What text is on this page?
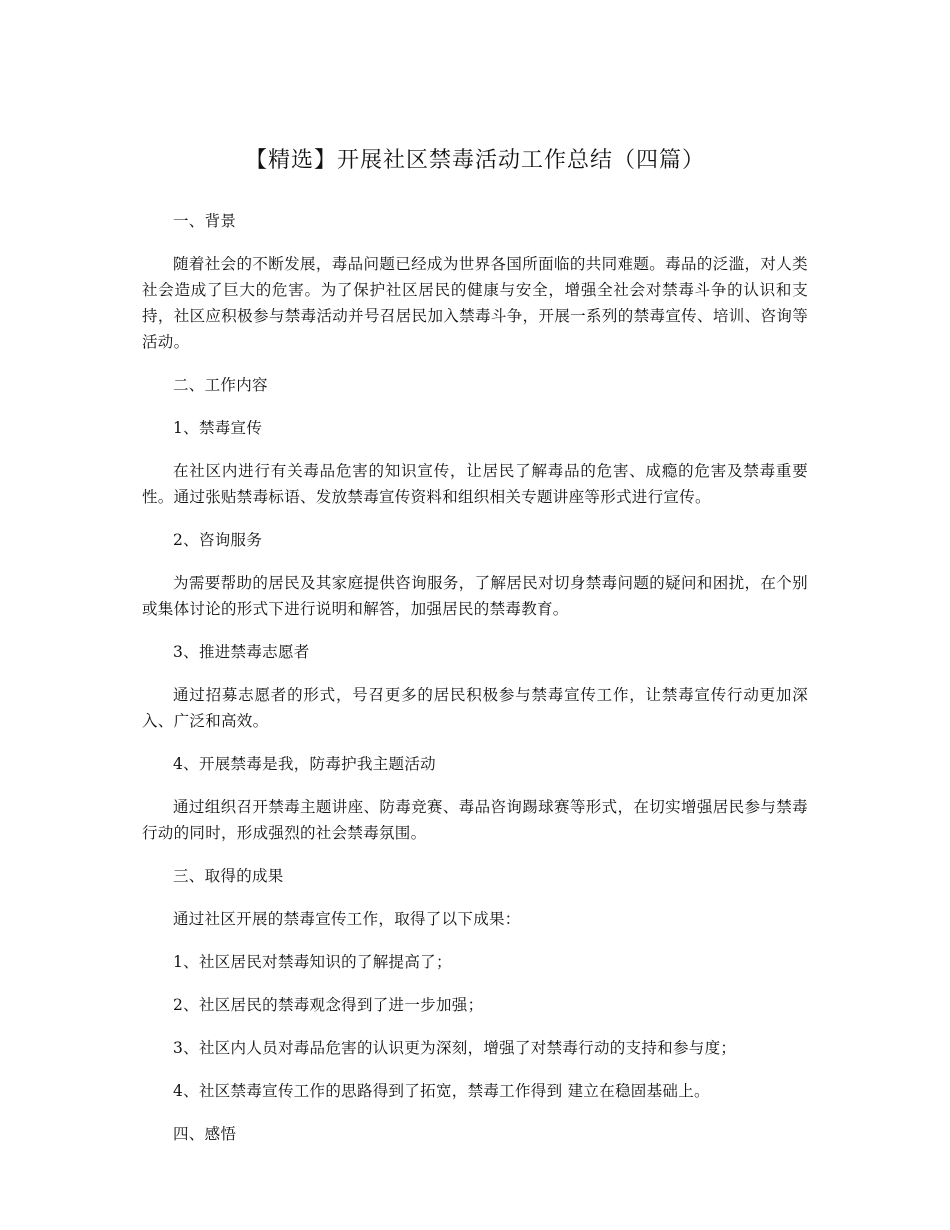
【精选】开展社区禁毒活动工作总结（四篇）

一、背景

随着社会的不断发展，毒品问题已经成为世界各国所面临的共同难题。毒品的泛滥，对人类社会造成了巨大的危害。为了保护社区居民的健康与安全，增强全社会对禁毒斗争的认识和支持，社区应积极参与禁毒活动并号召居民加入禁毒斗争，开展一系列的禁毒宣传、培训、咨询等活动。

二、工作内容

1、禁毒宣传

在社区内进行有关毒品危害的知识宣传，让居民了解毒品的危害、成瘾的危害及禁毒重要性。通过张贴禁毒标语、发放禁毒宣传资料和组织相关专题讲座等形式进行宣传。

2、咨询服务

为需要帮助的居民及其家庭提供咨询服务，了解居民对切身禁毒问题的疑问和困扰，在个别或集体讨论的形式下进行说明和解答，加强居民的禁毒教育。

3、推进禁毒志愿者

通过招募志愿者的形式，号召更多的居民积极参与禁毒宣传工作，让禁毒宣传行动更加深入、广泛和高效。

4、开展禁毒是我，防毒护我主题活动

通过组织召开禁毒主题讲座、防毒竞赛、毒品咨询踢球赛等形式，在切实增强居民参与禁毒行动的同时，形成强烈的社会禁毒氛围。

三、取得的成果

通过社区开展的禁毒宣传工作，取得了以下成果：

1、社区居民对禁毒知识的了解提高了；

2、社区居民的禁毒观念得到了进一步加强；

3、社区内人员对毒品危害的认识更为深刻，增强了对禁毒行动的支持和参与度；

4、社区禁毒宣传工作的思路得到了拓宽，禁毒工作得到 建立在稳固基础上。

四、感悟
